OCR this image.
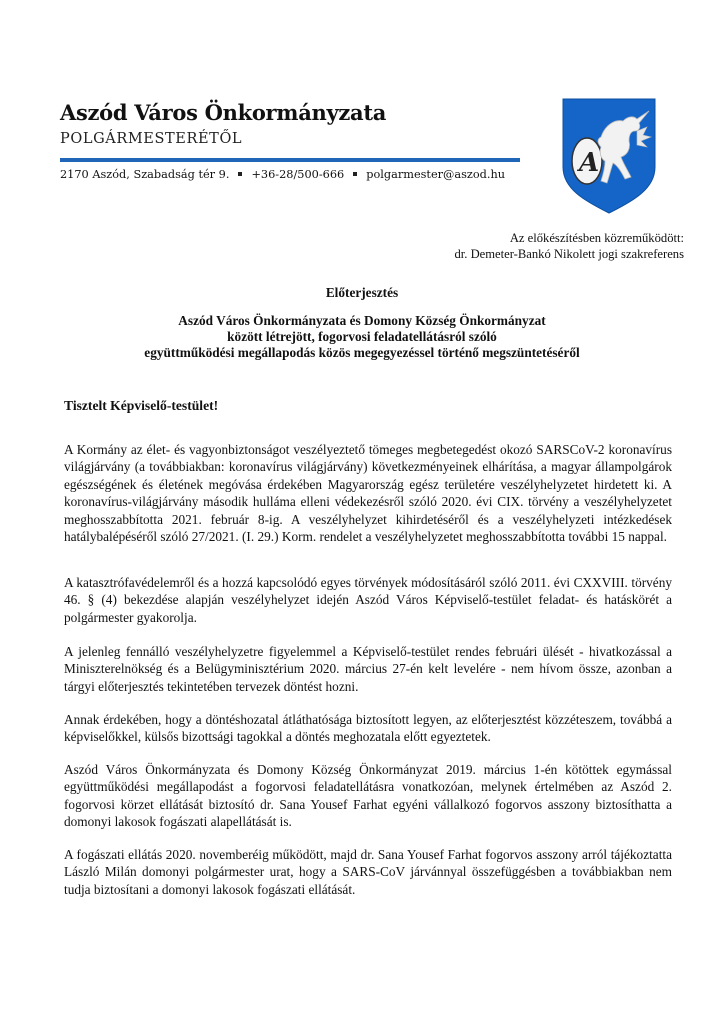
Aszód Város Önkormányzata
POLGÁRMESTERÉTŐL
2170 Aszód, Szabadság tér 9. +36-28/500-666 polgarmester@aszod.hu	A
Az előkészítésben közreműködött:
dr. Demeter-Bankó Nikolett jogi szakreferens
Előterjesztés
Aszód Város Önkormányzata és Domony Község Önkormányzat
között létrejött, fogorvosi feladatellátásról szóló
együttműködési megállapodás közös megegyezéssel történő megszüntetéséről
Tisztelt Képviselő-testület!

A Kormány az élet- és vagyonbiztonságot veszélyeztető tömeges megbetegedést okozó SARSCoV-2 koronavírus világjárvány (a továbbiakban: koronavírus világjárvány) következményeinek elhárítása, a magyar állampolgárok egészségének és életének megóvása érdekében Magyarország egész területére veszélyhelyzetet hirdetett ki. A koronavírus-világjárvány második hulláma elleni védekezésről szóló 2020. évi CIX. törvény a veszélyhelyzetet meghosszabbította 2021. február 8-ig. A veszélyhelyzet kihirdetéséről és a veszélyhelyzeti intézkedések hatálybalépéséről szóló 27/2021. (I. 29.) Korm. rendelet a veszélyhelyzetet meghosszabbította további 15 nappal.

A katasztrófavédelemről és a hozzá kapcsolódó egyes törvények módosításáról szóló 2011. évi CXXVIII. törvény 46. § (4) bekezdése alapján veszélyhelyzet idején Aszód Város Képviselő-testület feladat- és hatáskörét a polgármester gyakorolja.

A jelenleg fennálló veszélyhelyzetre figyelemmel a Képviselő-testület rendes februári ülését - hivatkozással a Miniszterelnökség és a Belügyminisztérium 2020. március 27-én kelt levelére - nem hívom össze, azonban a tárgyi előterjesztés tekintetében tervezek döntést hozni.

Annak érdekében, hogy a döntéshozatal átláthatósága biztosított legyen, az előterjesztést közzéteszem, továbbá a képviselőkkel, külsős bizottsági tagokkal a döntés meghozatala előtt egyeztetek.

Aszód Város Önkormányzata és Domony Község Önkormányzat 2019. március 1-én kötöttek egymással együttműködési megállapodást a fogorvosi feladatellátásra vonatkozóan, melynek értelmében az Aszód 2. fogorvosi körzet ellátását biztosító dr. Sana Yousef Farhat egyéni vállalkozó fogorvos asszony biztosíthatta a domonyi lakosok fogászati alapellátását is.

A fogászati ellátás 2020. novemberéig működött, majd dr. Sana Yousef Farhat fogorvos asszony arról tájékoztatta László Milán domonyi polgármester urat, hogy a SARS-CoV járvánnyal összefüggésben a továbbiakban nem tudja biztosítani a domonyi lakosok fogászati ellátását.
